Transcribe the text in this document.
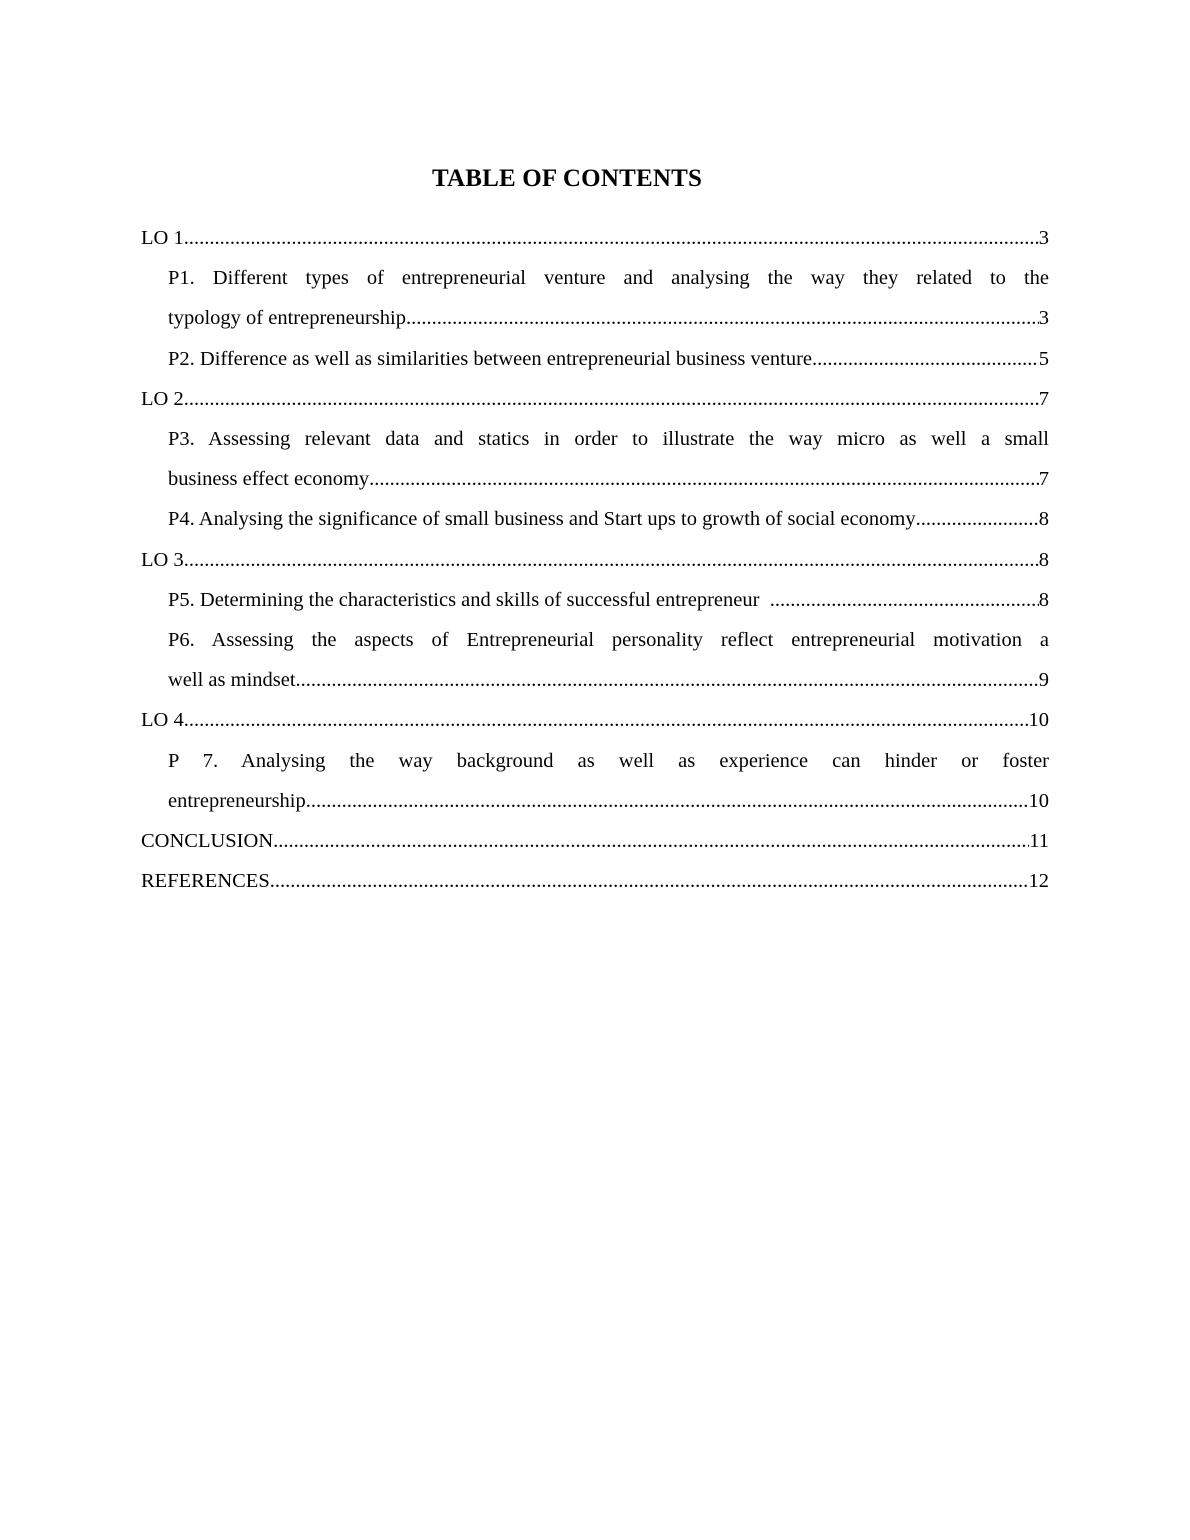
TABLE OF CONTENTS
LO 1 .....	3
P1. Different types of entrepreneurial venture and analysing the way they related to the
typology of entrepreneurship .....	3
P2. Difference as well as similarities between entrepreneurial business venture .....	5
LO 2 .....	7
P3. Assessing relevant data and statics in order to illustrate the way micro as well a small
business effect economy .....	7
P4. Analysing the significance of small business and Start ups to growth of social economy .....	8
LO 3 .....	8
P5. Determining the characteristics and skills of successful entrepreneur .....	8
P6. Assessing the aspects of Entrepreneurial personality reflect entrepreneurial motivation a
well as mindset. .....	9
LO 4 .....	10
P 7. Analysing the way background as well as experience can hinder or foster
entrepreneurship. .....	10
CONCLUSION .....	11
REFERENCES .....	12
